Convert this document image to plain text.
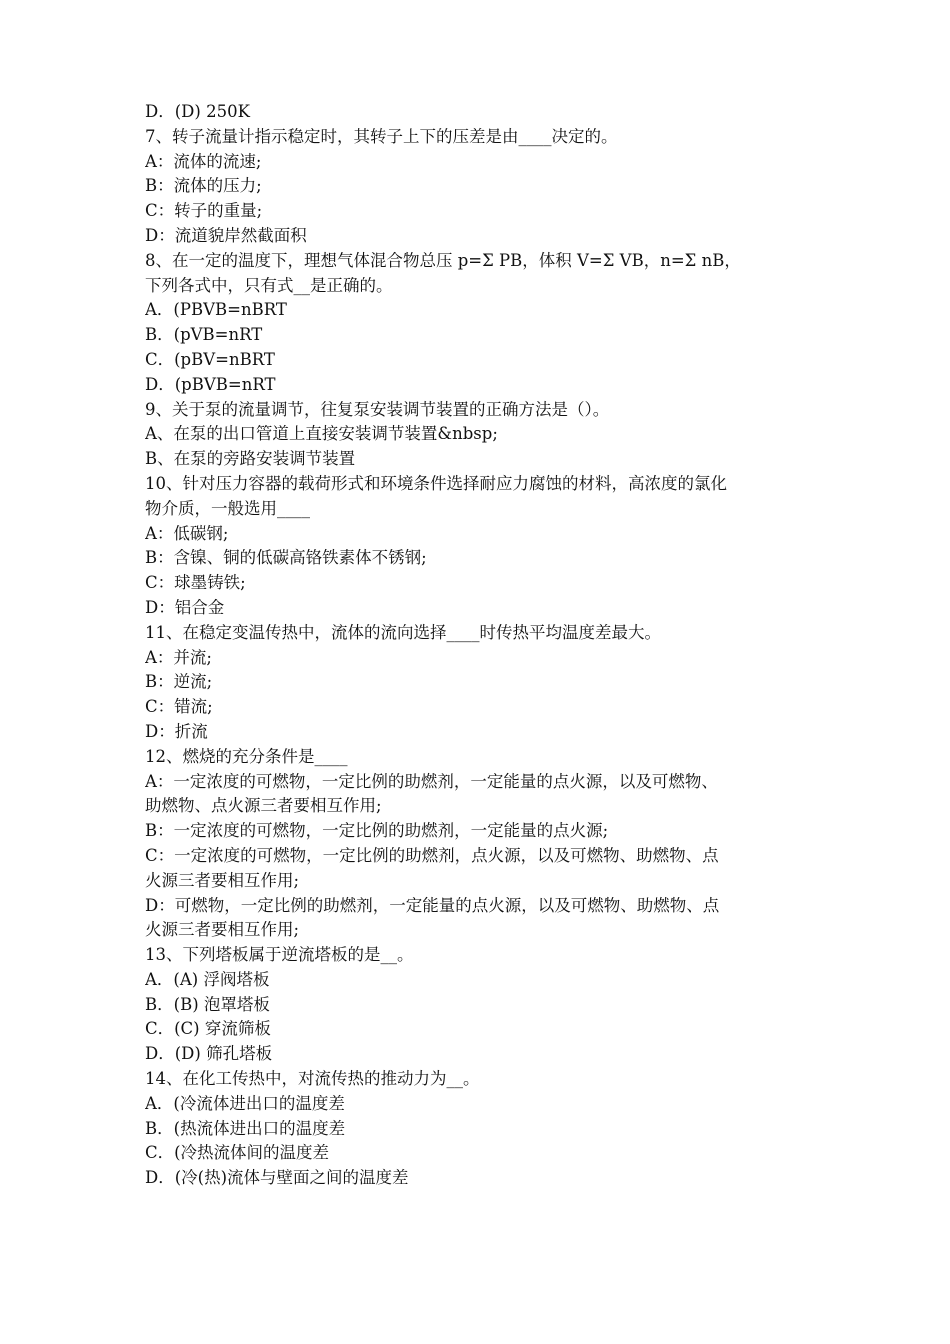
D．(D) 250K
7、转子流量计指示稳定时，其转子上下的压差是由____决定的。
A：流体的流速;
B：流体的压力;
C：转子的重量;
D：流道貌岸然截面积
8、在一定的温度下，理想气体混合物总压 p=Σ PB，体积 V=Σ VB，n=Σ nB，
下列各式中，只有式__是正确的。
A．(PBVB=nBRT
B．(pVB=nRT
C．(pBV=nBRT
D．(pBVB=nRT
9、关于泵的流量调节，往复泵安装调节装置的正确方法是（）。
A、在泵的出口管道上直接安装调节装置&nbsp;
B、在泵的旁路安装调节装置
10、针对压力容器的载荷形式和环境条件选择耐应力腐蚀的材料，高浓度的氯化
物介质，一般选用____
A：低碳钢;
B：含镍、铜的低碳高铬铁素体不锈钢;
C：球墨铸铁;
D：铝合金
11、在稳定变温传热中，流体的流向选择____时传热平均温度差最大。
A：并流;
B：逆流;
C：错流;
D：折流
12、燃烧的充分条件是____
A：一定浓度的可燃物，一定比例的助燃剂，一定能量的点火源，以及可燃物、
助燃物、点火源三者要相互作用;
B：一定浓度的可燃物，一定比例的助燃剂，一定能量的点火源;
C：一定浓度的可燃物，一定比例的助燃剂，点火源，以及可燃物、助燃物、点
火源三者要相互作用;
D：可燃物，一定比例的助燃剂，一定能量的点火源，以及可燃物、助燃物、点
火源三者要相互作用;
13、下列塔板属于逆流塔板的是__。
A．(A) 浮阀塔板
B．(B) 泡罩塔板
C．(C) 穿流筛板
D．(D) 筛孔塔板
14、在化工传热中，对流传热的推动力为__。
A．(冷流体进出口的温度差
B．(热流体进出口的温度差
C．(冷热流体间的温度差
D．(冷(热)流体与壁面之间的温度差
